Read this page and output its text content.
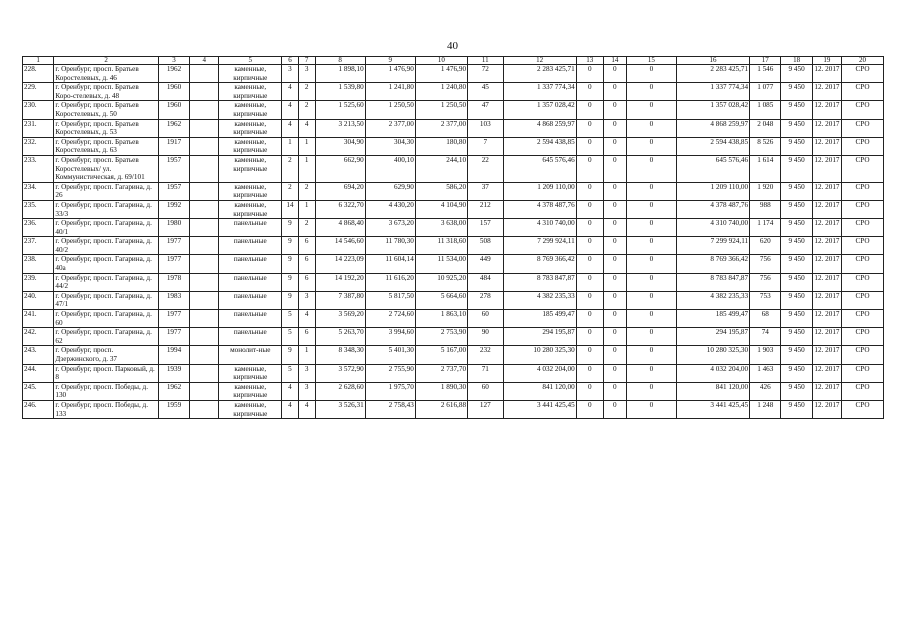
40
1	2	3	4	5	6	7	8	9	10	11	12	13	14	15	16	17	18	19	20
228.	г. Оренбург, просп. Братьев Коростелевых, д. 46	1962		каменные, кирпичные	3	3	1 898,10	1 476,90	1 476,90	72	2 283 425,71	0	0	0	2 283 425,71	1 546	9 450	12. 2017	СРО
229.	г. Оренбург, просп. Братьев Коро-стелевых, д. 48	1960		каменные, кирпичные	4	2	1 539,80	1 241,80	1 240,80	45	1 337 774,34	0	0	0	1 337 774,34	1 077	9 450	12. 2017	СРО
230.	г. Оренбург, просп. Братьев Коростелевых, д. 50	1960		каменные, кирпичные	4	2	1 525,60	1 250,50	1 250,50	47	1 357 028,42	0	0	0	1 357 028,42	1 085	9 450	12. 2017	СРО
231.	г. Оренбург, просп. Братьев Коростелевых, д. 53	1962		каменные, кирпичные	4	4	3 213,50	2 377,00	2 377,00	103	4 868 259,97	0	0	0	4 868 259,97	2 048	9 450	12. 2017	СРО
232.	г. Оренбург, просп. Братьев Коростелевых, д. 63	1917		каменные, кирпичные	1	1	304,90	304,30	180,80	7	2 594 438,85	0	0	0	2 594 438,85	8 526	9 450	12. 2017	СРО
233.	г. Оренбург, просп. Братьев Коростелевых/ ул. Коммунистическая, д. 69/101	1957		каменные, кирпичные	2	1	662,90	400,10	244,10	22	645 576,46	0	0	0	645 576,46	1 614	9 450	12. 2017	СРО
234.	г. Оренбург, просп. Гагарина, д. 26	1957		каменные, кирпичные	2	2	694,20	629,90	586,20	37	1 209 110,00	0	0	0	1 209 110,00	1 920	9 450	12. 2017	СРО
235.	г. Оренбург, просп. Гагарина, д. 33/3	1992		каменные, кирпичные	14	1	6 322,70	4 430,20	4 104,90	212	4 378 487,76	0	0	0	4 378 487,76	988	9 450	12. 2017	СРО
236.	г. Оренбург, просп. Гагарина, д. 40/1	1980		панельные	9	2	4 868,40	3 673,20	3 638,00	157	4 310 740,00	0	0	0	4 310 740,00	1 174	9 450	12. 2017	СРО
237.	г. Оренбург, просп. Гагарина, д. 40/2	1977		панельные	9	6	14 546,60	11 780,30	11 318,60	508	7 299 924,11	0	0	0	7 299 924,11	620	9 450	12. 2017	СРО
238.	г. Оренбург, просп. Гагарина, д. 40а	1977		панельные	9	6	14 223,09	11 604,14	11 534,00	449	8 769 366,42	0	0	0	8 769 366,42	756	9 450	12. 2017	СРО
239.	г. Оренбург, просп. Гагарина, д. 44/2	1978		панельные	9	6	14 192,20	11 616,20	10 925,20	484	8 783 847,87	0	0	0	8 783 847,87	756	9 450	12. 2017	СРО
240.	г. Оренбург, просп. Гагарина, д. 47/1	1983		панельные	9	3	7 387,80	5 817,50	5 664,60	278	4 382 235,33	0	0	0	4 382 235,33	753	9 450	12. 2017	СРО
241.	г. Оренбург, просп. Гагарина, д. 60	1977		панельные	5	4	3 569,20	2 724,60	1 863,10	60	185 499,47	0	0	0	185 499,47	68	9 450	12. 2017	СРО
242.	г. Оренбург, просп. Гагарина, д. 62	1977		панельные	5	6	5 263,70	3 994,60	2 753,90	90	294 195,87	0	0	0	294 195,87	74	9 450	12. 2017	СРО
243.	г. Оренбург, просп. Дзержинского, д. 37	1994		монолит-ные	9	1	8 348,30	5 401,30	5 167,00	232	10 280 325,30	0	0	0	10 280 325,30	1 903	9 450	12. 2017	СРО
244.	г. Оренбург, просп. Парковый, д. 8	1939		каменные, кирпичные	5	3	3 572,90	2 755,90	2 737,70	71	4 032 204,00	0	0	0	4 032 204,00	1 463	9 450	12. 2017	СРО
245.	г. Оренбург, просп. Победы, д. 130	1962		каменные, кирпичные	4	3	2 628,60	1 975,70	1 890,30	60	841 120,00	0	0	0	841 120,00	426	9 450	12. 2017	СРО
246.	г. Оренбург, просп. Победы, д. 133	1959		каменные, кирпичные	4	4	3 526,31	2 758,43	2 616,88	127	3 441 425,45	0	0	0	3 441 425,45	1 248	9 450	12. 2017	СРО
